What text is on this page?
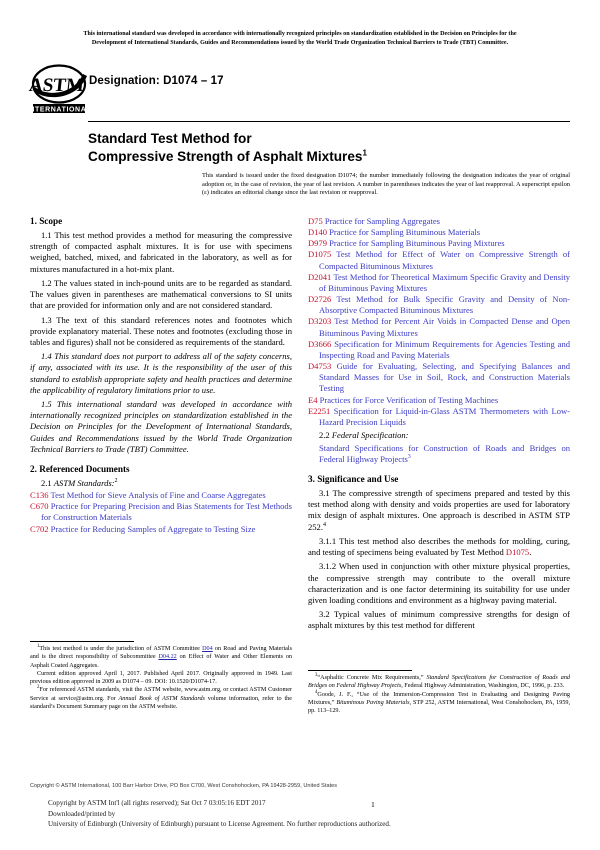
This international standard was developed in accordance with internationally recognized principles on standardization established in the Decision on Principles for the
Development of International Standards, Guides and Recommendations issued by the World Trade Organization Technical Barriers to Trade (TBT) Committee.
ASTM
INTERNATIONAL
Designation: D1074 – 17
Standard Test Method for
Compressive Strength of Asphalt Mixtures$^1$
This standard is issued under the fixed designation D1074; the number immediately following the designation indicates the year of original adoption or, in the case of revision, the year of last revision. A number in parentheses indicates the year of last reapproval. A superscript epsilon (ε) indicates an editorial change since the last revision or reapproval.
1. Scope

1.1 This test method provides a method for measuring the compressive strength of compacted asphalt mixtures. It is for use with specimens weighed, batched, mixed, and fabricated in the laboratory, as well as for mixtures manufactured in a hot-mix plant.

1.2 The values stated in inch-pound units are to be regarded as standard. The values given in parentheses are mathematical conversions to SI units that are provided for information only and are not considered standard.

1.3 The text of this standard references notes and footnotes which provide explanatory material. These notes and footnotes (excluding those in tables and figures) shall not be considered as requirements of the standard.

1.4 This standard does not purport to address all of the safety concerns, if any, associated with its use. It is the responsibility of the user of this standard to establish appropriate safety and health practices and determine the applicability of regulatory limitations prior to use.

1.5 This international standard was developed in accordance with internationally recognized principles on standardization established in the Decision on Principles for the Development of International Standards, Guides and Recommendations issued by the World Trade Organization Technical Barriers to Trade (TBT) Committee.

2. Referenced Documents
2.1 ASTM Standards:$^2$
C136 Test Method for Sieve Analysis of Fine and Coarse Aggregates
C670 Practice for Preparing Precision and Bias Statements for Test Methods for Construction Materials
C702 Practice for Reducing Samples of Aggregate to Testing Size
D75 Practice for Sampling Aggregates
D140 Practice for Sampling Bituminous Materials
D979 Practice for Sampling Bituminous Paving Mixtures
D1075 Test Method for Effect of Water on Compressive Strength of Compacted Bituminous Mixtures
D2041 Test Method for Theoretical Maximum Specific Gravity and Density of Bituminous Paving Mixtures
D2726 Test Method for Bulk Specific Gravity and Density of Non-Absorptive Compacted Bituminous Mixtures
D3203 Test Method for Percent Air Voids in Compacted Dense and Open Bituminous Paving Mixtures
D3666 Specification for Minimum Requirements for Agencies Testing and Inspecting Road and Paving Materials
D4753 Guide for Evaluating, Selecting, and Specifying Balances and Standard Masses for Use in Soil, Rock, and Construction Materials Testing
E4 Practices for Force Verification of Testing Machines
E2251 Specification for Liquid-in-Glass ASTM Thermometers with Low-Hazard Precision Liquids
2.2 Federal Specification:
Standard Specifications for Construction of Roads and Bridges on Federal Highway Projects$^3$
3. Significance and Use

3.1 The compressive strength of specimens prepared and tested by this test method along with density and voids properties are used for laboratory mix design of asphalt mixtures. One approach is described in ASTM STP 252.$^4$

3.1.1 This test method also describes the methods for molding, curing, and testing of specimens being evaluated by Test Method D1075.

3.1.2 When used in conjunction with other mixture physical properties, the compressive strength may contribute to the overall mixture characterization and is one factor determining its suitability for use under given loading conditions and environment as a highway paving material.

3.2 Typical values of minimum compressive strengths for design of asphalt mixtures by this test method for different

$^1$This test method is under the jurisdiction of ASTM Committee D04 on Road and Paving Materials and is the direct responsibility of Subcommittee D04.22 on Effect of Water and Other Elements on Asphalt Coated Aggregates.

Current edition approved April 1, 2017. Published April 2017. Originally approved in 1949. Last previous edition approved in 2009 as D1074 – 09. DOI: 10.1520/D1074-17.

$^2$For referenced ASTM standards, visit the ASTM website, www.astm.org, or contact ASTM Customer Service at service@astm.org. For Annual Book of ASTM Standards volume information, refer to the standard’s Document Summary page on the ASTM website.

$^3$“Asphaltic Concrete Mix Requirements,” Standard Specifications for Construction of Roads and Bridges on Federal Highway Projects, Federal Highway Administration, Washington, DC, 1996, p. 233.

$^4$Goode, J. F., “Use of the Immersion-Compression Test in Evaluating and Designing Paving Mixtures,” Bituminous Paving Materials, STP 252, ASTM International, West Conshohocken, PA, 1959, pp. 113–129.

Copyright © ASTM International, 100 Barr Harbor Drive, PO Box C700, West Conshohocken, PA 19428-2959, United States
Copyright by ASTM Int'l (all rights reserved); Sat Oct 7 03:05:16 EDT 2017
Downloaded/printed by
University of Edinburgh (University of Edinburgh) pursuant to License Agreement. No further reproductions authorized.
1
